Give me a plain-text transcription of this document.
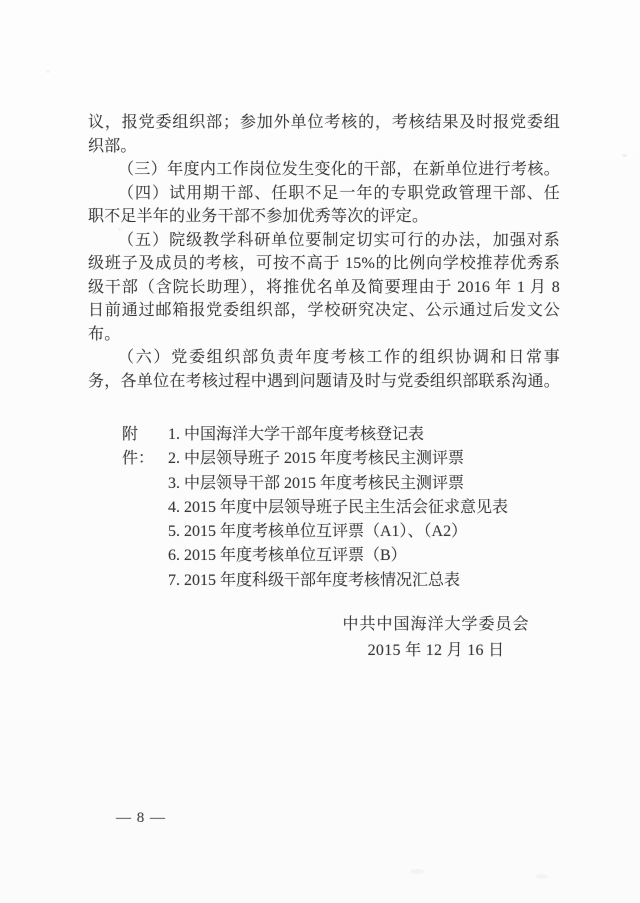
议，报党委组织部；参加外单位考核的，考核结果及时报党委组
织部。
（三）年度内工作岗位发生变化的干部，在新单位进行考核。
（四）试用期干部、任职不足一年的专职党政管理干部、任
职不足半年的业务干部不参加优秀等次的评定。
（五）院级教学科研单位要制定切实可行的办法，加强对系
级班子及成员的考核，可按不高于 15%的比例向学校推荐优秀系
级干部（含院长助理），将推优名单及简要理由于 2016 年 1 月 8
日前通过邮箱报党委组织部，学校研究决定、公示通过后发文公
布。
（六）党委组织部负责年度考核工作的组织协调和日常事
务，各单位在考核过程中遇到问题请及时与党委组织部联系沟通。
附件：
1. 中国海洋大学干部年度考核登记表
2. 中层领导班子 2015 年度考核民主测评票
3. 中层领导干部 2015 年度考核民主测评票
4. 2015 年度中层领导班子民主生活会征求意见表
5. 2015 年度考核单位互评票（A1）、（A2）
6. 2015 年度考核单位互评票（B）
7. 2015 年度科级干部年度考核情况汇总表
中共中国海洋大学委员会
2015 年 12 月 16 日
— 8 —
